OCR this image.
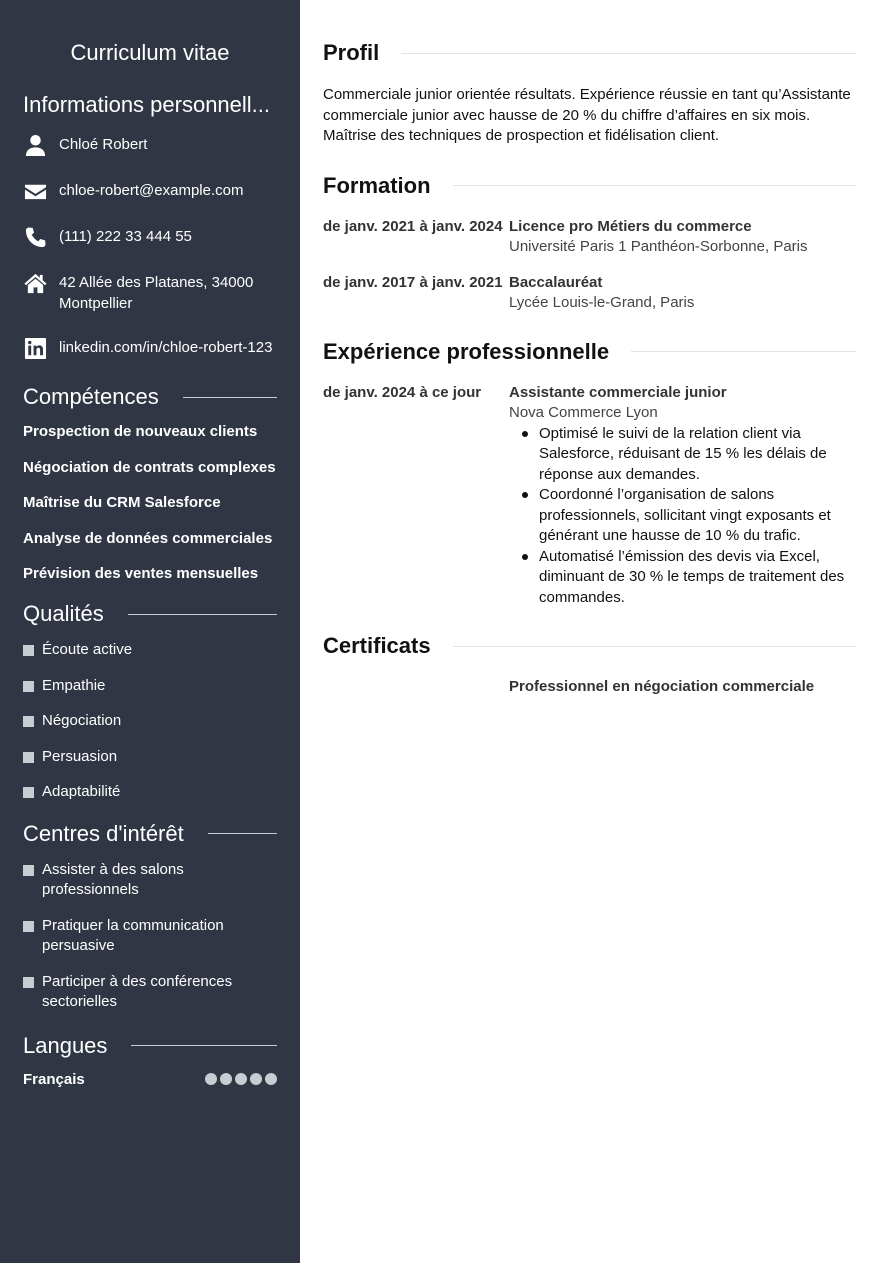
Curriculum vitae
Informations personnell...
Chloé Robert
chloe-robert@example.com
(111) 222 33 444 55
42 Allée des Platanes, 34000 Montpellier
linkedin.com/in/chloe-robert-123
Compétences
Prospection de nouveaux clients
Négociation de contrats complexes
Maîtrise du CRM Salesforce
Analyse de données commerciales
Prévision des ventes mensuelles
Qualités
Écoute active
Empathie
Négociation
Persuasion
Adaptabilité
Centres d'intérêt
Assister à des salons professionnels
Pratiquer la communication persuasive
Participer à des conférences sectorielles
Langues
Français
Profil

Commerciale junior orientée résultats. Expérience réussie en tant qu’Assistante commerciale junior avec hausse de 20 % du chiffre d’affaires en six mois. Maîtrise des techniques de prospection et fidélisation client.

Formation
de janv. 2021 à janv. 2024 Licence pro Métiers du commerce
Université Paris 1 Panthéon-Sorbonne, Paris
de janv. 2017 à janv. 2021 Baccalauréat
Lycée Louis-le-Grand, Paris
Expérience professionnelle
de janv. 2024 à ce jour	Assistante commerciale junior
Nova Commerce Lyon
Optimisé le suivi de la relation client via Salesforce, réduisant de 15 % les délais de réponse aux demandes.
Coordonné l’organisation de salons professionnels, sollicitant vingt exposants et générant une hausse de 10 % du trafic.
Automatisé l’émission des devis via Excel, diminuant de 30 % le temps de traitement des commandes.
Certificats
Professionnel en négociation commerciale
